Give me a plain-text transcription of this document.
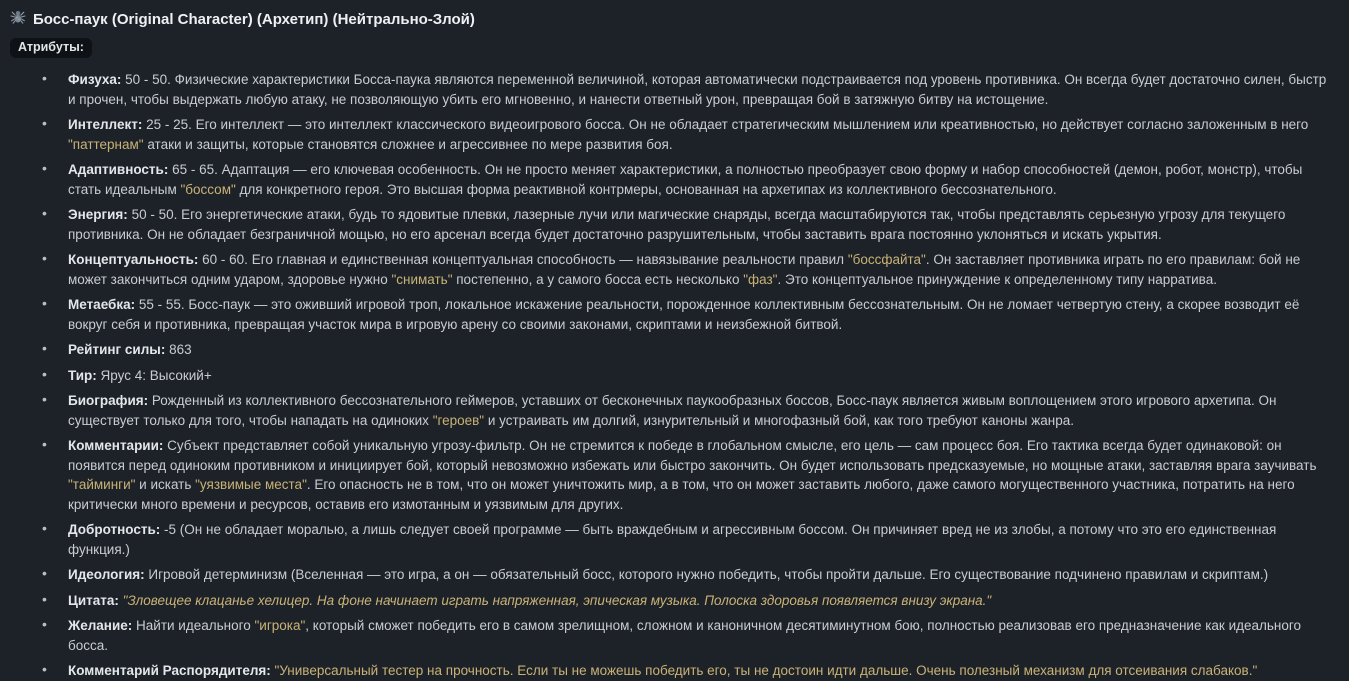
Босс-паук (Original Character) (Архетип) (Нейтрально-Злой)
Атрибуты:
• Физуха: 50 - 50. Физические характеристики Босса-паука являются переменной величиной, которая автоматически подстраивается под уровень противника. Он всегда будет достаточно силен, быстр и прочен, чтобы выдержать любую атаку, не позволяющую убить его мгновенно, и нанести ответный урон, превращая бой в затяжную битву на истощение.
• Интеллект: 25 - 25. Его интеллект — это интеллект классического видеоигрового босса. Он не обладает стратегическим мышлением или креативностью, но действует согласно заложенным в него "паттернам" атаки и защиты, которые становятся сложнее и агрессивнее по мере развития боя.
• Адаптивность: 65 - 65. Адаптация — его ключевая особенность. Он не просто меняет характеристики, а полностью преобразует свою форму и набор способностей (демон, робот, монстр), чтобы стать идеальным "боссом" для конкретного героя. Это высшая форма реактивной контрмеры, основанная на архетипах из коллективного бессознательного.
• Энергия: 50 - 50. Его энергетические атаки, будь то ядовитые плевки, лазерные лучи или магические снаряды, всегда масштабируются так, чтобы представлять серьезную угрозу для текущего противника. Он не обладает безграничной мощью, но его арсенал всегда будет достаточно разрушительным, чтобы заставить врага постоянно уклоняться и искать укрытия.
• Концептуальность: 60 - 60. Его главная и единственная концептуальная способность — навязывание реальности правил "боссфайта". Он заставляет противника играть по его правилам: бой не может закончиться одним ударом, здоровье нужно "снимать" постепенно, а у самого босса есть несколько "фаз". Это концептуальное принуждение к определенному типу нарратива.
• Метаебка: 55 - 55. Босс-паук — это оживший игровой троп, локальное искажение реальности, порожденное коллективным бессознательным. Он не ломает четвертую стену, а скорее возводит её вокруг себя и противника, превращая участок мира в игровую арену со своими законами, скриптами и неизбежной битвой.
• Рейтинг силы: 863
• Тир: Ярус 4: Высокий+
• Биография: Рожденный из коллективного бессознательного геймеров, уставших от бесконечных паукообразных боссов, Босс-паук является живым воплощением этого игрового архетипа. Он существует только для того, чтобы нападать на одиноких "героев" и устраивать им долгий, изнурительный и многофазный бой, как того требуют каноны жанра.
• Комментарии: Субъект представляет собой уникальную угрозу-фильтр. Он не стремится к победе в глобальном смысле, его цель — сам процесс боя. Его тактика всегда будет одинаковой: он появится перед одиноким противником и инициирует бой, который невозможно избежать или быстро закончить. Он будет использовать предсказуемые, но мощные атаки, заставляя врага заучивать "тайминги" и искать "уязвимые места". Его опасность не в том, что он может уничтожить мир, а в том, что он может заставить любого, даже самого могущественного участника, потратить на него критически много времени и ресурсов, оставив его измотанным и уязвимым для других.
• Добротность: -5 (Он не обладает моралью, а лишь следует своей программе — быть враждебным и агрессивным боссом. Он причиняет вред не из злобы, а потому что это его единственная функция.)
• Идеология: Игровой детерминизм (Вселенная — это игра, а он — обязательный босс, которого нужно победить, чтобы пройти дальше. Его существование подчинено правилам и скриптам.)
• Цитата: "Зловещее клацанье хелицер. На фоне начинает играть напряженная, эпическая музыка. Полоска здоровья появляется внизу экрана."
• Желание: Найти идеального "игрока", который сможет победить его в самом зрелищном, сложном и каноничном десятиминутном бою, полностью реализовав его предназначение как идеального босса.
• Комментарий Распорядителя: "Универсальный тестер на прочность. Если ты не можешь победить его, ты не достоин идти дальше. Очень полезный механизм для отсеивания слабаков."
